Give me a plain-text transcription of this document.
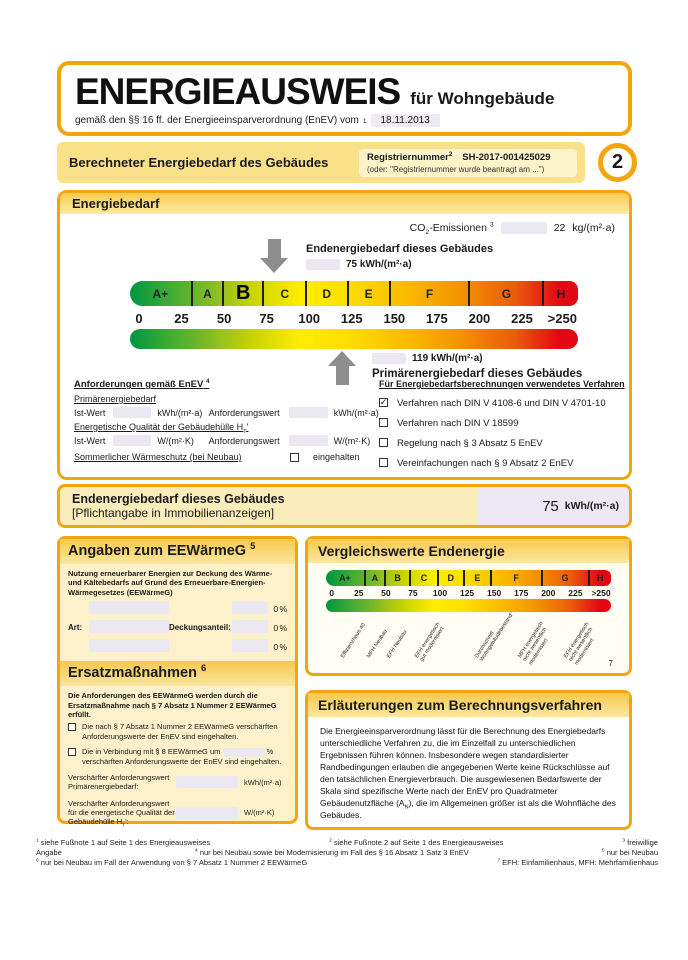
ENERGIEAUSWEIS für Wohngebäude
gemäß den §§ 16 ff. der Energieeinsparverordnung (EnEV) vom 1	18.11.2013
Berechneter Energiebedarf des Gebäudes	Registriernummer$^2$ SH-2017-001425029
(oder: "Registriernummer wurde beantragt am ...")	2
Energiebedarf
$CO_2$-Emissionen $^3$	22 kg/(m²·a)
Endenergiebedarf dieses Gebäudes
75 kWh/(m²·a)
A+	A	B	C	D	E	F	G	H
0 25 50 75 100 125 150 175 200 225 >250
119 kWh/(m²·a)
Primärenergiebedarf dieses Gebäudes
Anforderungen gemäß EnEV $^4$
Primärenergiebedarf
Ist-Wert	kWh/(m²·a) Anforderungswert	kWh/(m²·a)
Energetische Qualität der Gebäudehülle $H_T'$
Ist-Wert	W/(m²·K)	Anforderungswert	W/(m²·K)
Sommerlicher Wärmeschutz (bei Neubau)	eingehalten
Für Energiebedarfsberechnungen verwendetes Verfahren
✓ Verfahren nach DIN V 4108-6 und DIN V 4701-10
Verfahren nach DIN V 18599
Regelung nach § 3 Absatz 5 EnEV
Vereinfachungen nach § 9 Absatz 2 EnEV
Endenergiebedarf dieses Gebäudes
[Pflichtangabe in Immobilienanzeigen]	75 kWh/(m²·a)
Angaben zum EEWärmeG $^5$
Nutzung erneuerbarer Energien zur Deckung des Wärme- und Kältebedarfs auf Grund des Erneuerbare-Energien-Wärmegesetzes (EEWärmeG)
0 %
Art:	Deckungsanteil:	0 %
0 %
Ersatzmaßnahmen $^6$
Die Anforderungen des EEWärmeG werden durch die Ersatzmaßnahme nach § 7 Absatz 1 Nummer 2 EEWärmeG erfüllt.
Die nach § 7 Absatz 1 Nummer 2 EEWärmeG verschärften Anforderungswerte der EnEV sind eingehalten.
Die in Verbindung mit § 8 EEWärmeG um	% verschärften Anforderungswerte der EnEV sind eingehalten.
Verschärfter Anforderungswert Primärenergiebedarf:
kWh/(m²·a)
Verschärfter Anforderungswert für die energetische Qualität der Gebäudehülle $H_T'$:
W/(m²·K)
Vergleichswerte Endenergie
A+	A	B	C	D	E	F	G	H
0 25 50 75 100 125 150 175 200 225 >250
Effizienzhaus 40
MFH Neubau
EFH Neubau	EFH energetisch gut modernisiert	Durchschnitt Wohngebäudebestand MFH energetisch nicht wesentlich modernisiert	EFH energetisch nicht wesentlich modernisiert	7
Erläuterungen zum Berechnungsverfahren

Die Energieeinsparverordnung lässt für die Berechnung des Energiebedarfs unterschiedliche Verfahren zu, die im Einzelfall zu unterschiedlichen Ergebnissen führen können. Insbesondere wegen standardisierter Randbedingungen erlauben die angegebenen Werte keine Rückschlüsse auf den tatsächlichen Energieverbrauch. Die ausgewiesenen Bedarfswerte der Skala sind spezifische Werte nach der EnEV pro Quadratmeter Gebäudenutzfläche $(A_N)$, die im Allgemeinen größer ist als die Wohnfläche des Gebäudes.

$^1$ siehe Fußnote 1 auf Seite 1 des Energieausweises	$^2$ siehe Fußnote 2 auf Seite 1 des Energieausweises	$^3$ freiwillige
Angabe	$^4$ nur bei Neubau sowie bei Modernisierung im Fall des § 16 Absatz 1 Satz 3 EnEV	$^5$ nur bei Neubau
$^6$ nur bei Neubau im Fall der Anwendung von § 7 Absatz 1 Nummer 2 EEWärmeG	$^7$ EFH: Einfamilienhaus, MFH: Mehrfamilienhaus
